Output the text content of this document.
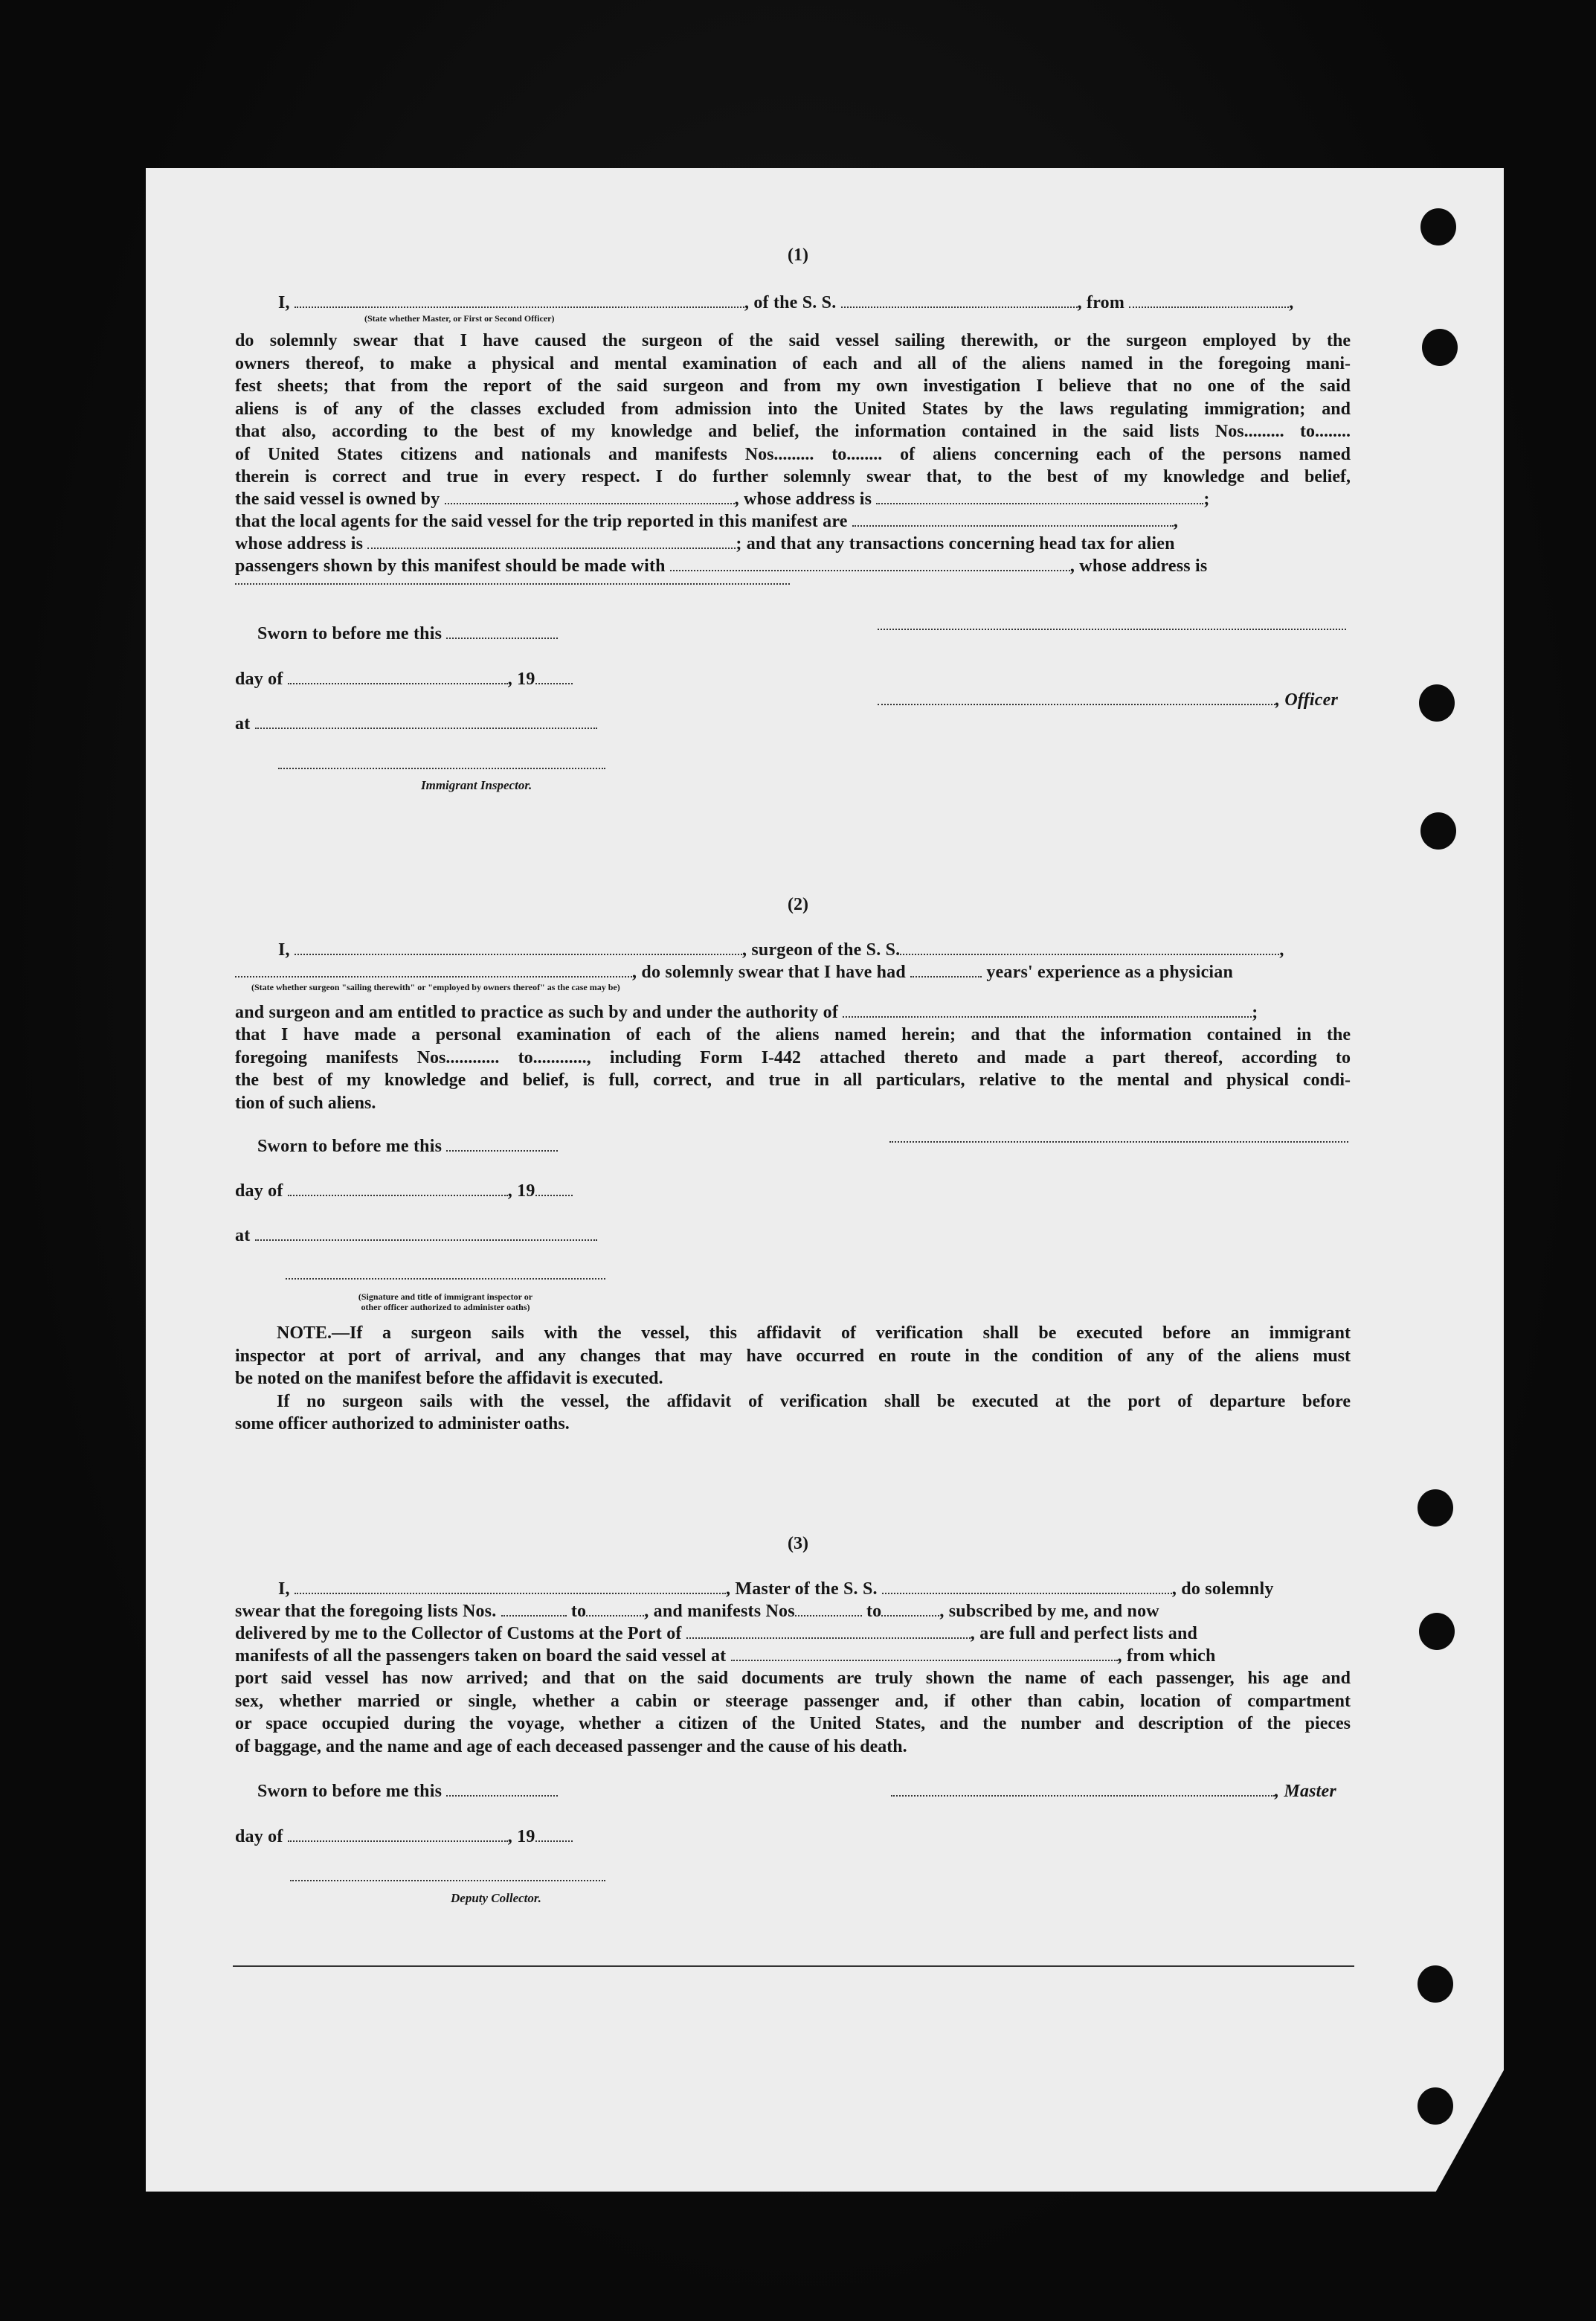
(1)
I,	, of the S. S.	, from	,
(State whether Master, or First or Second Officer)
do solemnly swear that I have caused the surgeon of the said vessel sailing therewith, or the surgeon employed by the
owners thereof, to make a physical and mental examination of each and all of the aliens named in the foregoing mani-
fest sheets; that from the report of the said surgeon and from my own investigation I believe that no one of the said
aliens is of any of the classes excluded from admission into the United States by the laws regulating immigration; and
that also, according to the best of my knowledge and belief, the information contained in the said lists Nos......... to........
of United States citizens and nationals and manifests Nos......... to........ of aliens concerning each of the persons named
therein is correct and true in every respect. I do further solemnly swear that, to the best of my knowledge and belief,
the said vessel is owned by	, whose address is	;
that the local agents for the said vessel for the trip reported in this manifest are	,
whose address is	; and that any transactions concerning head tax for alien
passengers shown by this manifest should be made with	, whose address is
Sworn to before me this
day of	, 19
, Officer
at
Immigrant Inspector.
(2)
I,	, surgeon of the S. S.	,
, do solemnly swear that I have had	years' experience as a physician
(State whether surgeon "sailing therewith" or "employed by owners thereof" as the case may be)
and surgeon and am entitled to practice as such by and under the authority of	;
that I have made a personal examination of each of the aliens named herein; and that the information contained in the
foregoing manifests Nos............ to............, including Form I-442 attached thereto and made a part thereof, according to
the best of my knowledge and belief, is full, correct, and true in all particulars, relative to the mental and physical condi-
tion of such aliens.
Sworn to before me this
day of	, 19
at
(Signature and title of immigrant inspector or
other officer authorized to administer oaths)
NOTE.—If a surgeon sails with the vessel, this affidavit of verification shall be executed before an immigrant
inspector at port of arrival, and any changes that may have occurred en route in the condition of any of the aliens must
be noted on the manifest before the affidavit is executed.
If no surgeon sails with the vessel, the affidavit of verification shall be executed at the port of departure before
some officer authorized to administer oaths.
(3)
I,	, Master of the S. S.	, do solemnly
swear that the foregoing lists Nos.	to	, and manifests Nos	to	, subscribed by me, and now
delivered by me to the Collector of Customs at the Port of	, are full and perfect lists and
manifests of all the passengers taken on board the said vessel at	, from which
port said vessel has now arrived; and that on the said documents are truly shown the name of each passenger, his age and
sex, whether married or single, whether a cabin or steerage passenger and, if other than cabin, location of compartment
or space occupied during the voyage, whether a citizen of the United States, and the number and description of the pieces
of baggage, and the name and age of each deceased passenger and the cause of his death.
Sworn to before me this	, Master
day of	, 19
Deputy Collector.
